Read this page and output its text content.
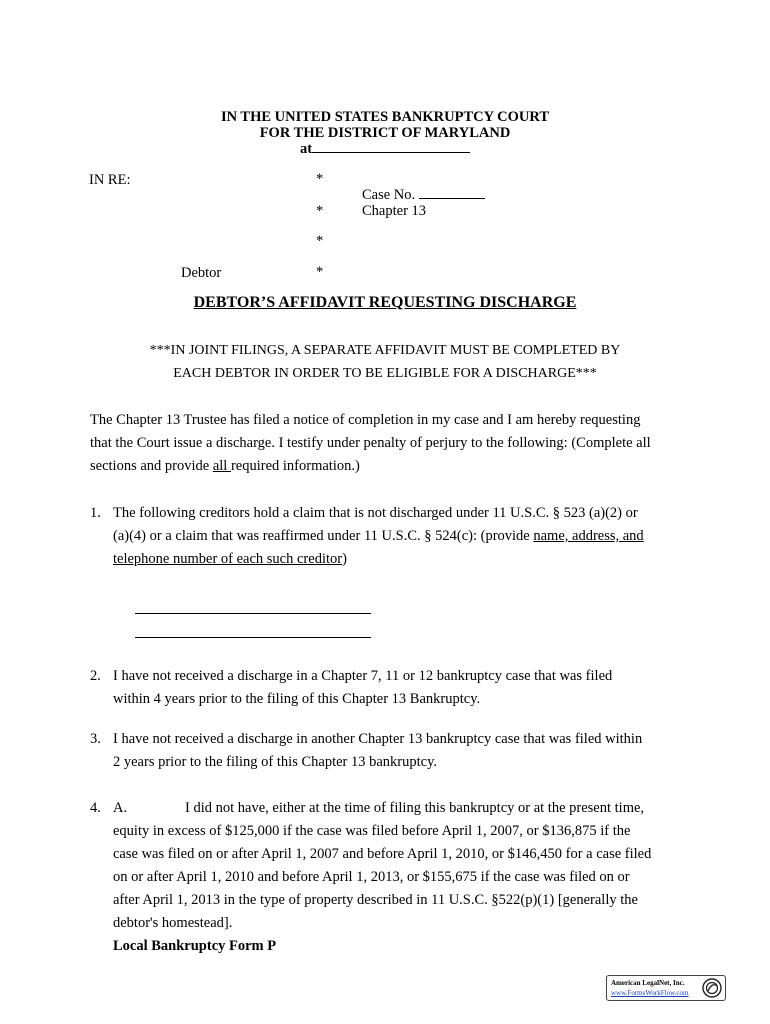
IN THE UNITED STATES BANKRUPTCY COURT
FOR THE DISTRICT OF MARYLAND
at
IN RE:	*
Case No.
*	Chapter 13
*
Debtor	*
DEBTOR’S AFFIDAVIT REQUESTING DISCHARGE
***IN JOINT FILINGS, A SEPARATE AFFIDAVIT MUST BE COMPLETED BY
EACH DEBTOR IN ORDER TO BE ELIGIBLE FOR A DISCHARGE***
The Chapter 13 Trustee has filed a notice of completion in my case and I am hereby requesting
that the Court issue a discharge. I testify under penalty of perjury to the following: (Complete all
sections and provide all required information.)
1. The following creditors hold a claim that is not discharged under 11 U.S.C. § 523 (a)(2) or
(a)(4) or a claim that was reaffirmed under 11 U.S.C. § 524(c): (provide name, address, and
telephone number of each such creditor)
2. I have not received a discharge in a Chapter 7, 11 or 12 bankruptcy case that was filed
within 4 years prior to the filing of this Chapter 13 Bankruptcy.
3. I have not received a discharge in another Chapter 13 bankruptcy case that was filed within
2 years prior to the filing of this Chapter 13 bankruptcy.
4. A.	I did not have, either at the time of filing this bankruptcy or at the present time,
equity in excess of $125,000 if the case was filed before April 1, 2007, or $136,875 if the
case was filed on or after April 1, 2007 and before April 1, 2010, or $146,450 for a case filed
on or after April 1, 2010 and before April 1, 2013, or $155,675 if the case was filed on or
after April 1, 2013 in the type of property described in 11 U.S.C. §522(p)(1) [generally the
debtor's homestead].
Local Bankruptcy Form P
American LegalNet, Inc.
www.FormsWorkFlow.com
